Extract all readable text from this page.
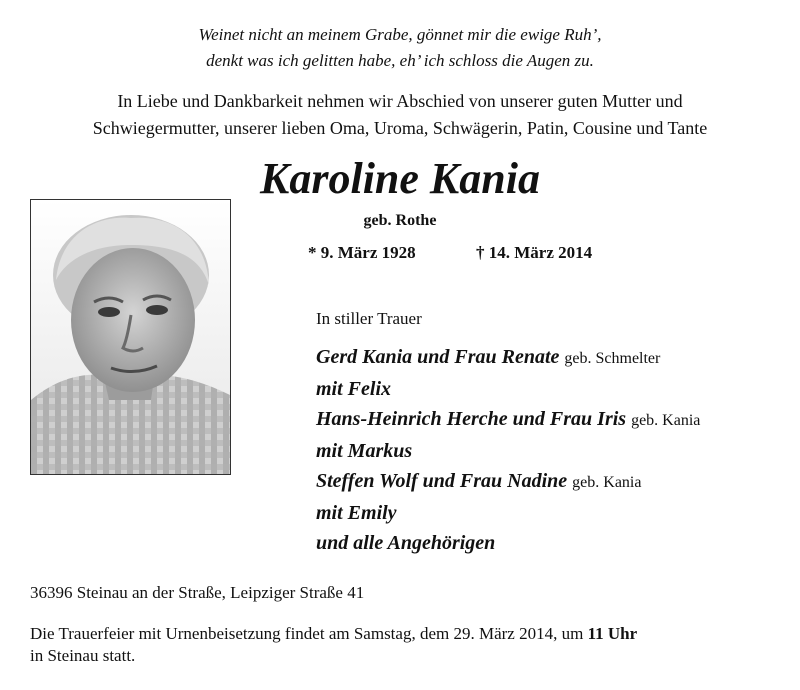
Weinet nicht an meinem Grabe, gönnet mir die ewige Ruh’,
denkt was ich gelitten habe, eh’ ich schloss die Augen zu.
In Liebe und Dankbarkeit nehmen wir Abschied von unserer guten Mutter und
Schwiegermutter, unserer lieben Oma, Uroma, Schwägerin, Patin, Cousine und Tante
Karoline Kania
geb. Rothe
* 9. März 1928	† 14. März 2014
In stiller Trauer
Gerd Kania und Frau Renate geb. Schmelter
mit Felix
Hans-Heinrich Herche und Frau Iris geb. Kania
mit Markus
Steffen Wolf und Frau Nadine geb. Kania
mit Emily
und alle Angehörigen
36396 Steinau an der Straße, Leipziger Straße 41
Die Trauerfeier mit Urnenbeisetzung findet am Samstag, dem 29. März 2014, um 11 Uhr
in Steinau statt.
